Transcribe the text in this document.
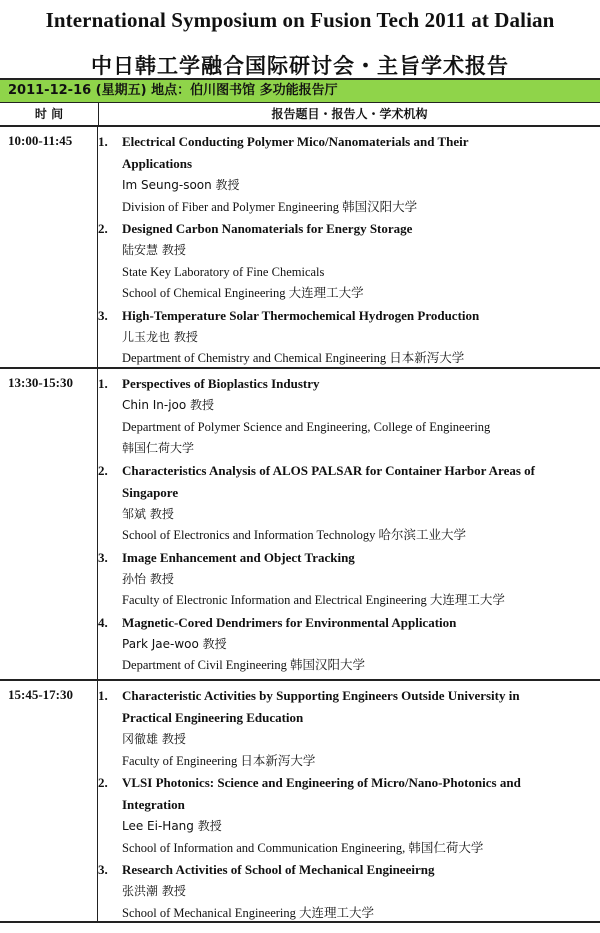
International Symposium on Fusion Tech 2011 at Dalian
中日韩工学融合国际研讨会・主旨学术报告
2011-12-16 (星期五) 地点：伯川图书馆 多功能报告厅
时 间	报告题目・报告人・学术机构
10:00-11:45	1. Electrical Conducting Polymer Mico/Nanomaterials and Their
Applications
Im Seung-soon 教授
Division of Fiber and Polymer Engineering 韩国汉阳大学
2. Designed Carbon Nanomaterials for Energy Storage
陆安慧 教授
State Key Laboratory of Fine Chemicals
School of Chemical Engineering 大连理工大学
3. High-Temperature Solar Thermochemical Hydrogen Production
儿玉龙也 教授
Department of Chemistry and Chemical Engineering 日本新泻大学
13:30-15:30	1. Perspectives of Bioplastics Industry
Chin In-joo 教授
Department of Polymer Science and Engineering, College of Engineering
韩国仁荷大学
2. Characteristics Analysis of ALOS PALSAR for Container Harbor Areas of
Singapore
邹斌 教授
School of Electronics and Information Technology 哈尔滨工业大学
3. Image Enhancement and Object Tracking
孙怡 教授
Faculty of Electronic Information and Electrical Engineering 大连理工大学
4. Magnetic-Cored Dendrimers for Environmental Application
Park Jae-woo 教授
Department of Civil Engineering 韩国汉阳大学
15:45-17:30	1. Characteristic Activities by Supporting Engineers Outside University in
Practical Engineering Education
冈徹雄 教授
Faculty of Engineering 日本新泻大学
2. VLSI Photonics: Science and Engineering of Micro/Nano-Photonics and
Integration
Lee Ei-Hang 教授
School of Information and Communication Engineering, 韩国仁荷大学
3. Research Activities of School of Mechanical Engineeirng
张洪潮 教授
School of Mechanical Engineering 大连理工大学
